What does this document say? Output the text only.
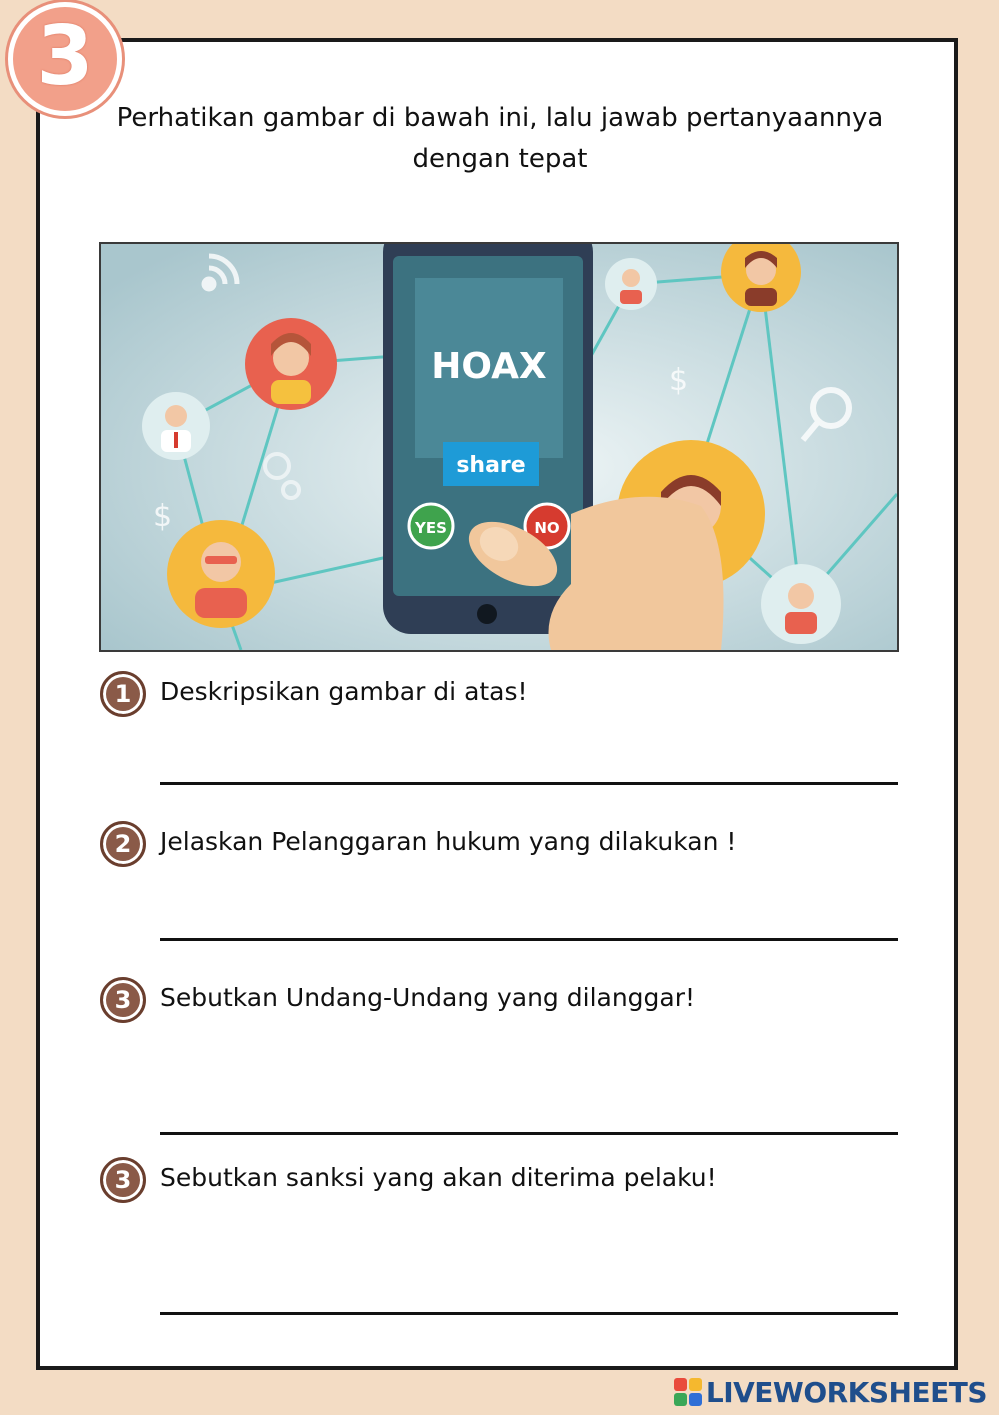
3
Perhatikan gambar di bawah ini, lalu jawab pertanyaannya dengan tepat
$
$
HOAX
share
YES	NO
1 Deskripsikan gambar di atas!
2 Jelaskan Pelanggaran hukum yang dilakukan !
3 Sebutkan Undang-Undang yang dilanggar!
3 Sebutkan sanksi yang akan diterima pelaku!
LIVEWORKSHEETS
